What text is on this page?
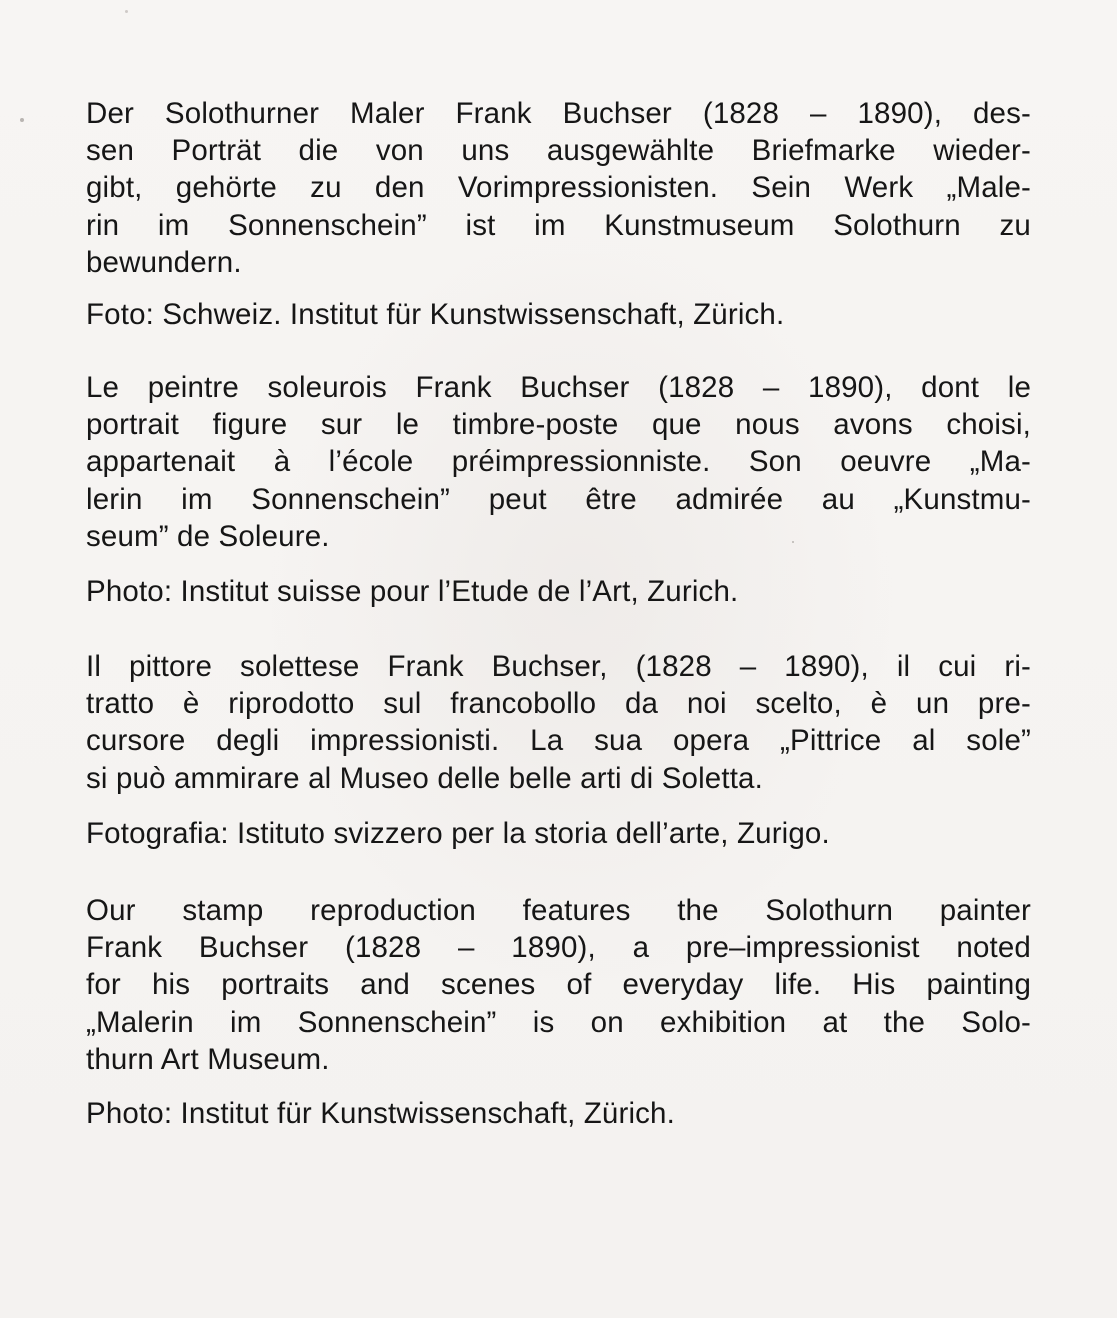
Der Solothurner Maler Frank Buchser (1828 – 1890), des-
sen Porträt die von uns ausgewählte Briefmarke wieder-
gibt, gehörte zu den Vorimpressionisten. Sein Werk „Male-
rin im Sonnenschein” ist im Kunstmuseum Solothurn zu
bewundern.
Foto: Schweiz. Institut für Kunstwissenschaft, Zürich.
Le peintre soleurois Frank Buchser (1828 – 1890), dont le
portrait figure sur le timbre-poste que nous avons choisi,
appartenait à l’école préimpressionniste. Son oeuvre „Ma-
lerin im Sonnenschein” peut être admirée au „Kunstmu-
seum” de Soleure.
Photo: Institut suisse pour l’Etude de l’Art, Zurich.
Il pittore solettese Frank Buchser, (1828 – 1890), il cui ri-
tratto è riprodotto sul francobollo da noi scelto, è un pre-
cursore degli impressionisti. La sua opera „Pittrice al sole”
si può ammirare al Museo delle belle arti di Soletta.
Fotografia: Istituto svizzero per la storia dell’arte, Zurigo.
Our stamp reproduction features the Solothurn painter
Frank Buchser (1828 – 1890), a pre–impressionist noted
for his portraits and scenes of everyday life. His painting
„Malerin im Sonnenschein” is on exhibition at the Solo-
thurn Art Museum.
Photo: Institut für Kunstwissenschaft, Zürich.
